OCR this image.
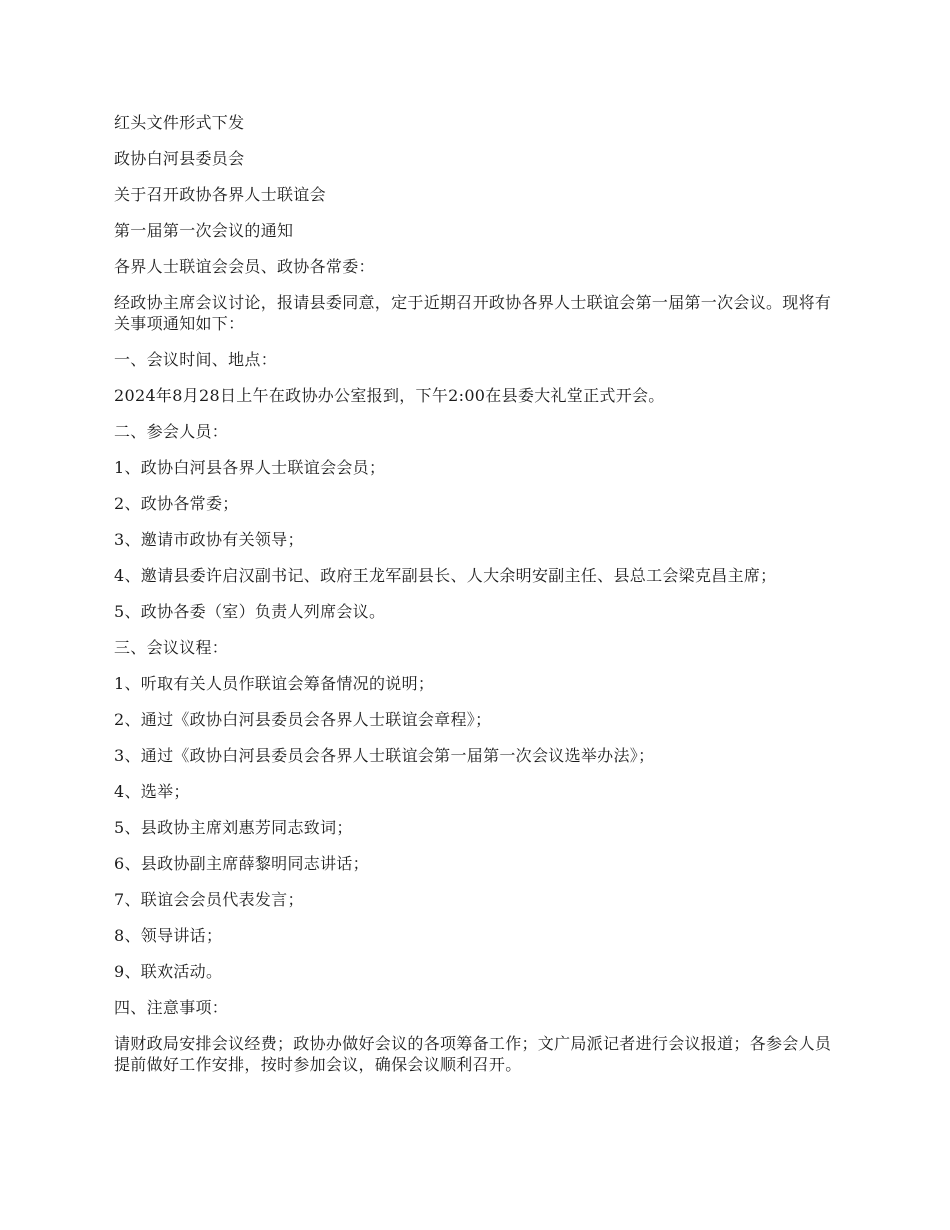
红头文件形式下发

政协白河县委员会

关于召开政协各界人士联谊会

第一届第一次会议的通知

各界人士联谊会会员、政协各常委：

经政协主席会议讨论，报请县委同意，定于近期召开政协各界人士联谊会第一届第一次会议。现将有关事项通知如下：

一、会议时间、地点：

2024年8月28日上午在政协办公室报到，下午2:00在县委大礼堂正式开会。

二、参会人员：

1、政协白河县各界人士联谊会会员；

2、政协各常委；

3、邀请市政协有关领导；

4、邀请县委许启汉副书记、政府王龙军副县长、人大余明安副主任、县总工会梁克昌主席；

5、政协各委（室）负责人列席会议。

三、会议议程：

1、听取有关人员作联谊会筹备情况的说明；

2、通过《政协白河县委员会各界人士联谊会章程》；

3、通过《政协白河县委员会各界人士联谊会第一届第一次会议选举办法》；

4、选举；

5、县政协主席刘惠芳同志致词；

6、县政协副主席薛黎明同志讲话；

7、联谊会会员代表发言；

8、领导讲话；

9、联欢活动。

四、注意事项：

请财政局安排会议经费；政协办做好会议的各项筹备工作；文广局派记者进行会议报道；各参会人员提前做好工作安排，按时参加会议，确保会议顺利召开。
